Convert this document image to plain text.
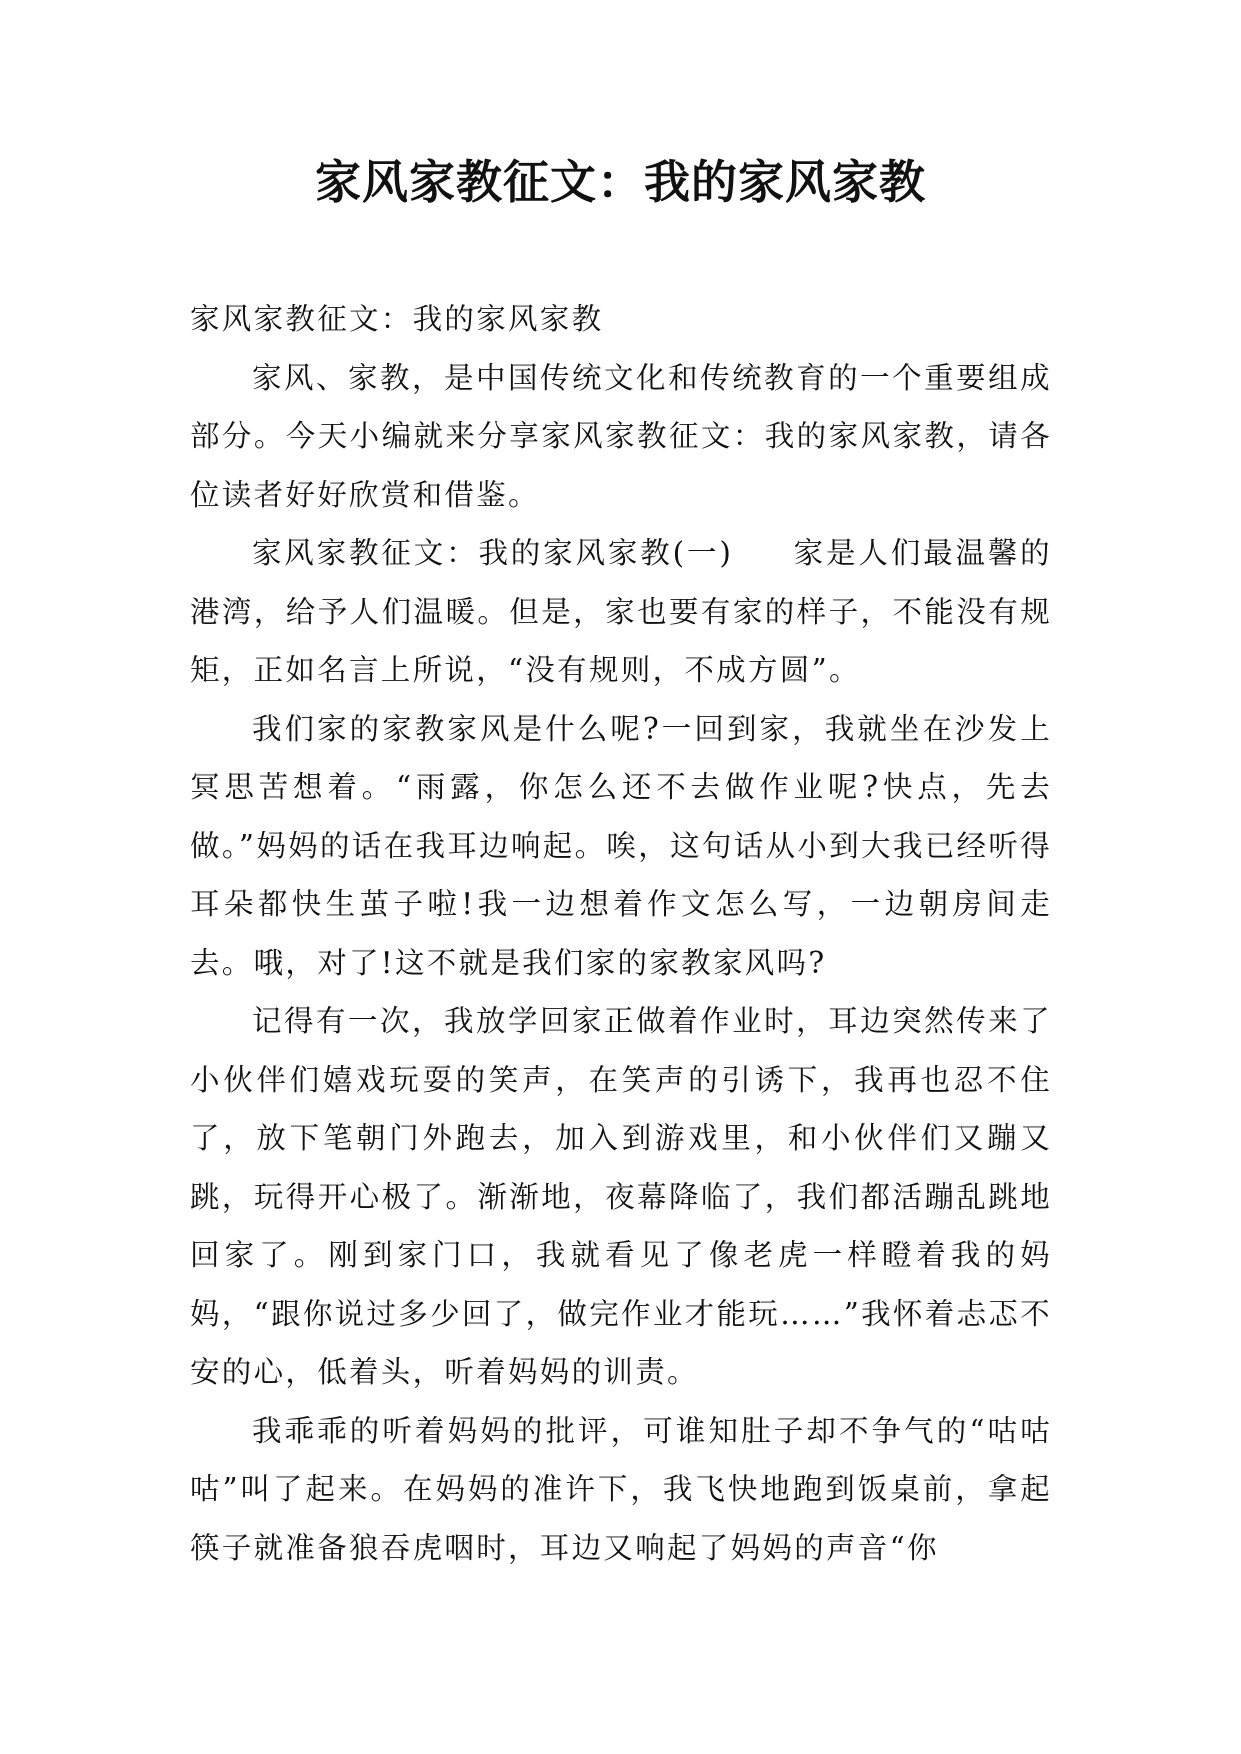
家风家教征文：我的家风家教

家风家教征文：我的家风家教

家风、家教，是中国传统文化和传统教育的一个重要组成部分。今天小编就来分享家风家教征文：我的家风家教，请各位读者好好欣赏和借鉴。

家风家教征文：我的家风家教(一) 家是人们最温馨的港湾，给予人们温暖。但是，家也要有家的样子，不能没有规矩，正如名言上所说，“没有规则，不成方圆”。

我们家的家教家风是什么呢?一回到家，我就坐在沙发上冥思苦想着。“雨露，你怎么还不去做作业呢?快点，先去做。”妈妈的话在我耳边响起。唉，这句话从小到大我已经听得耳朵都快生茧子啦!我一边想着作文怎么写，一边朝房间走去。哦，对了!这不就是我们家的家教家风吗?

记得有一次，我放学回家正做着作业时，耳边突然传来了小伙伴们嬉戏玩耍的笑声，在笑声的引诱下，我再也忍不住了，放下笔朝门外跑去，加入到游戏里，和小伙伴们又蹦又跳，玩得开心极了。渐渐地，夜幕降临了，我们都活蹦乱跳地回家了。刚到家门口，我就看见了像老虎一样瞪着我的妈妈，“跟你说过多少回了，做完作业才能玩……”我怀着忐忑不安的心，低着头，听着妈妈的训责。

我乖乖的听着妈妈的批评，可谁知肚子却不争气的“咕咕咕”叫了起来。在妈妈的准许下，我飞快地跑到饭桌前，拿起筷子就准备狼吞虎咽时，耳边又响起了妈妈的声音“你
